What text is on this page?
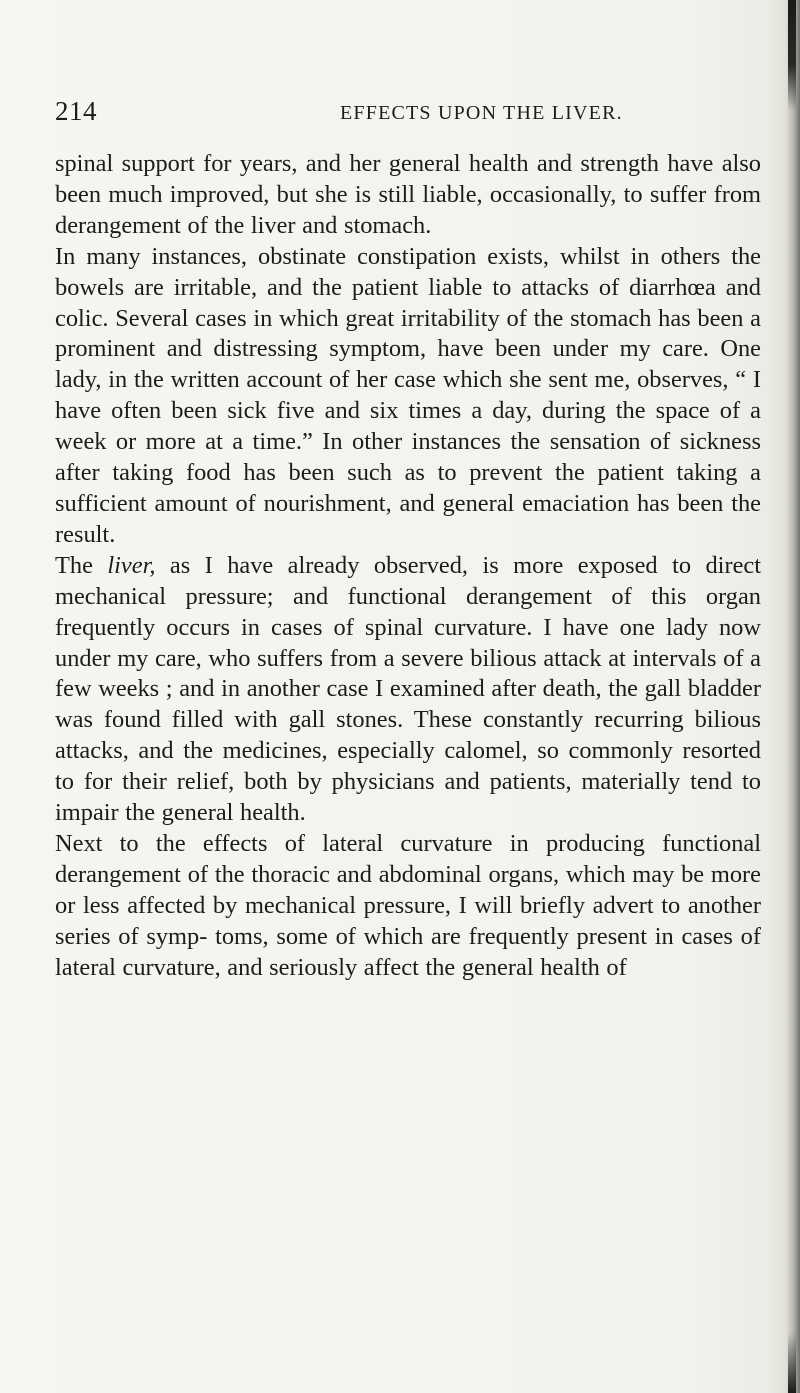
214	EFFECTS UPON THE LIVER.

spinal support for years, and her general health and strength have also been much improved, but she is still liable, occasionally, to suffer from derangement of the liver and stomach.

In many instances, obstinate constipation exists, whilst in others the bowels are irritable, and the patient liable to attacks of diarrhœa and colic. Several cases in which great irritability of the stomach has been a prominent and distressing symptom, have been under my care. One lady, in the written account of her case which she sent me, observes, “ I have often been sick five and six times a day, during the space of a week or more at a time.” In other instances the sensation of sickness after taking food has been such as to prevent the patient taking a sufficient amount of nourishment, and general emaciation has been the result.

The liver, as I have already observed, is more exposed to direct mechanical pressure; and functional derangement of this organ frequently occurs in cases of spinal curvature. I have one lady now under my care, who suffers from a severe bilious attack at intervals of a few weeks ; and in another case I examined after death, the gall bladder was found filled with gall stones. These constantly recurring bilious attacks, and the medicines, especially calomel, so commonly resorted to for their relief, both by physicians and patients, materially tend to impair the general health.

Next to the effects of lateral curvature in producing functional derangement of the thoracic and abdominal organs, which may be more or less affected by mechanical pressure, I will briefly advert to another series of symp- toms, some of which are frequently present in cases of lateral curvature, and seriously affect the general health of
